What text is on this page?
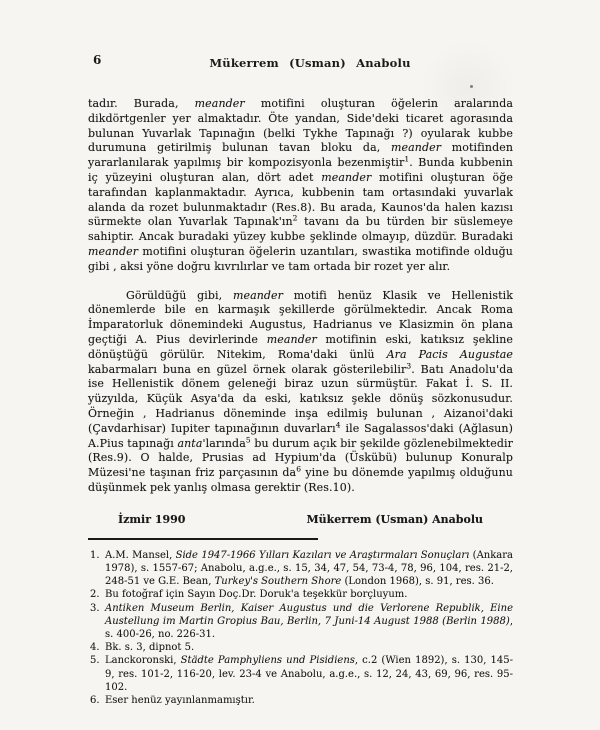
6	Mükerrem (Usman) Anabolu

tadır. Burada, meander motifini oluşturan öğelerin aralarında dikdörtgenler yer almaktadır. Öte yandan, Side'deki ticaret agorasında bulunan Yuvarlak Tapınağın (belki Tykhe Tapınağı ?) oyularak kubbe durumuna getirilmiş bulunan tavan bloku da, meander motifinden yararlanılarak yapılmış bir kompozisyonla bezenmiştir$^1$. Bunda kubbenin iç yüzeyini oluşturan alan, dört adet meander motifini oluşturan öğe tarafından kaplanmaktadır. Ayrıca, kubbenin tam ortasındaki yuvarlak alanda da rozet bulunmaktadır (Res.8). Bu arada, Kaunos'da halen kazısı sürmekte olan Yuvarlak $Tapınak'ın^2$ tavanı da bu türden bir süslemeye sahiptir. Ancak buradaki yüzey kubbe şeklinde olmayıp, düzdür. Buradaki meander motifini oluşturan öğelerin uzantıları, swastika motifinde olduğu gibi , aksi yöne doğru kıvrılırlar ve tam ortada bir rozet yer alır.

Görüldüğü gibi, meander motifi henüz Klasik ve Hellenistik dönemlerde bile en karmaşık şekillerde görülmektedir. Ancak Roma İmparatorluk dönemindeki Augustus, Hadrianus ve Klasizmin ön plana geçtiği A. Pius devirlerinde meander motifinin eski, katıksız şekline dönüştüğü görülür. Nitekim, Roma'daki ünlü Ara Pacis Augustae kabarmaları buna en güzel örnek olarak gösterilebilir$^3$. Batı Anadolu'da ise Hellenistik dönem geleneği biraz uzun sürmüştür. Fakat İ. S. II. yüzyılda, Küçük Asya'da da eski, katıksız şekle dönüş sözkonusudur. Örneğin , Hadrianus döneminde inşa edilmiş bulunan , Aizanoi'daki (Çavdarhisar) Iupiter tapınağının duvarları$^4$ ile Sagalassos'daki (Ağlasun) A.Pius tapınağı anta'larında$^5$ bu durum açık bir şekilde gözlenebilmektedir (Res.9). O halde, Prusias ad Hypium'da (Üskübü) bulunup Konuralp Müzesi'ne taşınan friz parçasının $da^6$ yine bu dönemde yapılmış olduğunu düşünmek pek yanlış olmasa gerektir (Res.10).

İzmir 1990	Mükerrem (Usman) Anabolu
1. A.M. Mansel, Side 1947-1966 Yılları Kazıları ve Araştırmaları Sonuçları (Ankara 1978), s. 1557-67; Anabolu, a.g.e., s. 15, 34, 47, 54, 73-4, 78, 96, 104, res. 21-2, 248-51 ve G.E. Bean, Turkey's Southern Shore (London 1968), s. 91, res. 36.
2. Bu fotoğraf için Sayın Doç.Dr. Doruk'a teşekkür borçluyum.
3. Antiken Museum Berlin, Kaiser Augustus und die Verlorene Republik, Eine Austellung im Martin Gropius Bau, Berlin, 7 Juni-14 August 1988 (Berlin 1988), s. 400-26, no. 226-31.
4. Bk. s. 3, dipnot 5.
5. Lanckoronski, Städte Pamphyliens und Pisidiens, c.2 (Wien 1892), s. 130, 145-9, res. 101-2, 116-20, lev. 23-4 ve Anabolu, a.g.e., s. 12, 24, 43, 69, 96, res. 95-102.
6. Eser henüz yayınlanmamıştır.
